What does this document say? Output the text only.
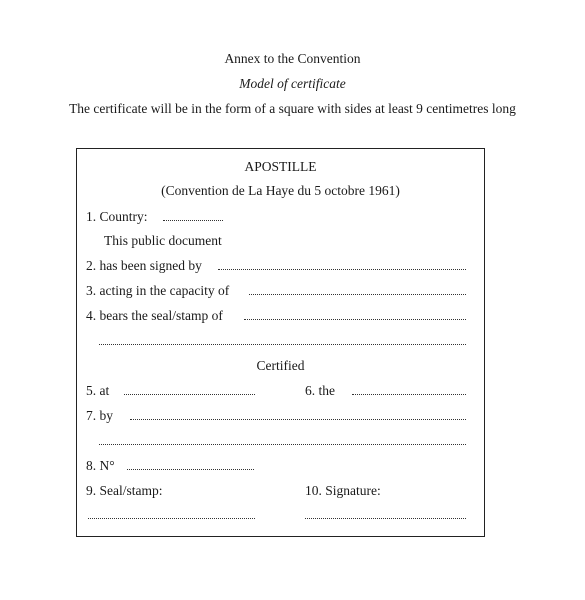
Annex to the Convention
Model of certificate
The certificate will be in the form of a square with sides at least 9 centimetres long
APOSTILLE
(Convention de La Haye du 5 octobre 1961)
1. Country:
This public document
2. has been signed by
3. acting in the capacity of
4. bears the seal/stamp of
Certified
5. at	6. the
7. by
8. N°
9. Seal/stamp:	10. Signature:
